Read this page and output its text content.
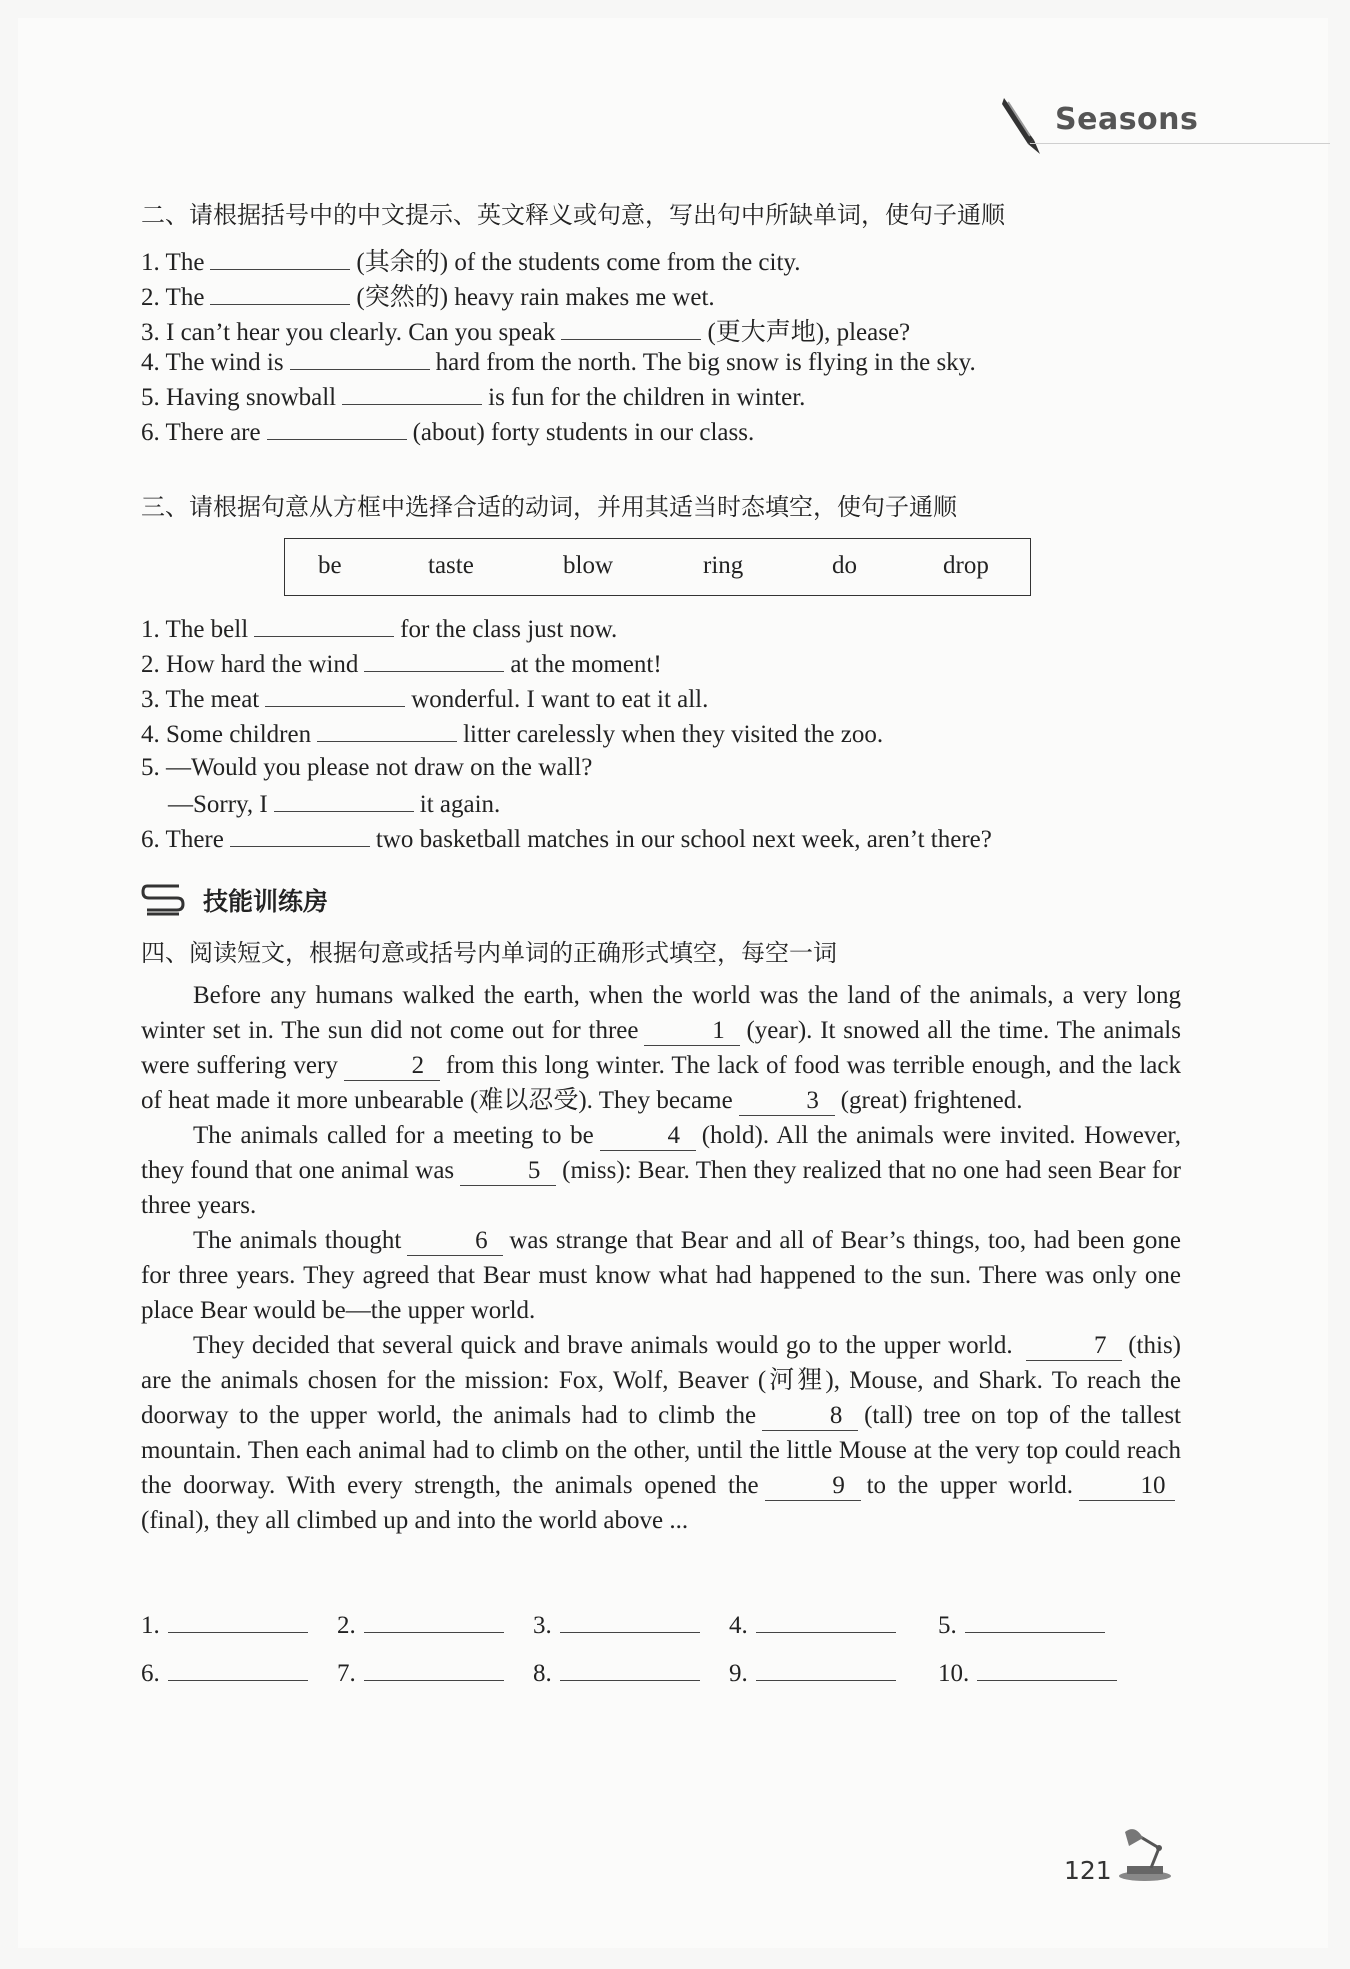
Seasons
二、请根据括号中的中文提示、英文释义或句意，写出句中所缺单词，使句子通顺
1. The	(其余的) of the students come from the city.
2. The	(突然的) heavy rain makes me wet.
3. I can’t hear you clearly. Can you speak	(更大声地), please?
4. The wind is	hard from the north. The big snow is flying in the sky.
5. Having snowball	is fun for the children in winter.
6. There are	(about) forty students in our class.
三、请根据句意从方框中选择合适的动词，并用其适当时态填空，使句子通顺
be	taste	blow	ring	do	drop
1. The bell	for the class just now.
2. How hard the wind	at the moment!
3. The meat	wonderful. I want to eat it all.
4. Some children	litter carelessly when they visited the zoo.
5. —Would you please not draw on the wall?
—Sorry, I	it again.
6. There	two basketball matches in our school next week, aren’t there?
技能训练房
四、阅读短文，根据句意或括号内单词的正确形式填空，每空一词

Before any humans walked the earth, when the world was the land of the animals, a very long winter set in. The sun did not come out for three	1 (year). It snowed all the time. The animals were suffering very	2 from this long winter. The lack of food was terrible enough, and the lack of heat made it more unbearable (难以忍受). They became	3 (great) frightened.

The animals called for a meeting to be	4 (hold). All the animals were invited. However, they found that one animal was	5 (miss): Bear. Then they realized that no one had seen Bear for three years.

The animals thought	6 was strange that Bear and all of Bear’s things, too, had been gone for three years. They agreed that Bear must know what had happened to the sun. There was only one place Bear would be—the upper world.

They decided that several quick and brave animals would go to the upper world.	7 (this) are the animals chosen for the mission: Fox, Wolf, Beaver (河狸), Mouse, and Shark. To reach the doorway to the upper world, the animals had to climb the	8 (tall) tree on top of the tallest mountain. Then each animal had to climb on the other, until the little Mouse at the very top could reach the doorway. With every strength, the animals opened the	9 to the upper world.	10(final), they all climbed up and into the world above ...

1.	2.	3.	4.	5.
6.	7.	8.	9.	10.
121
